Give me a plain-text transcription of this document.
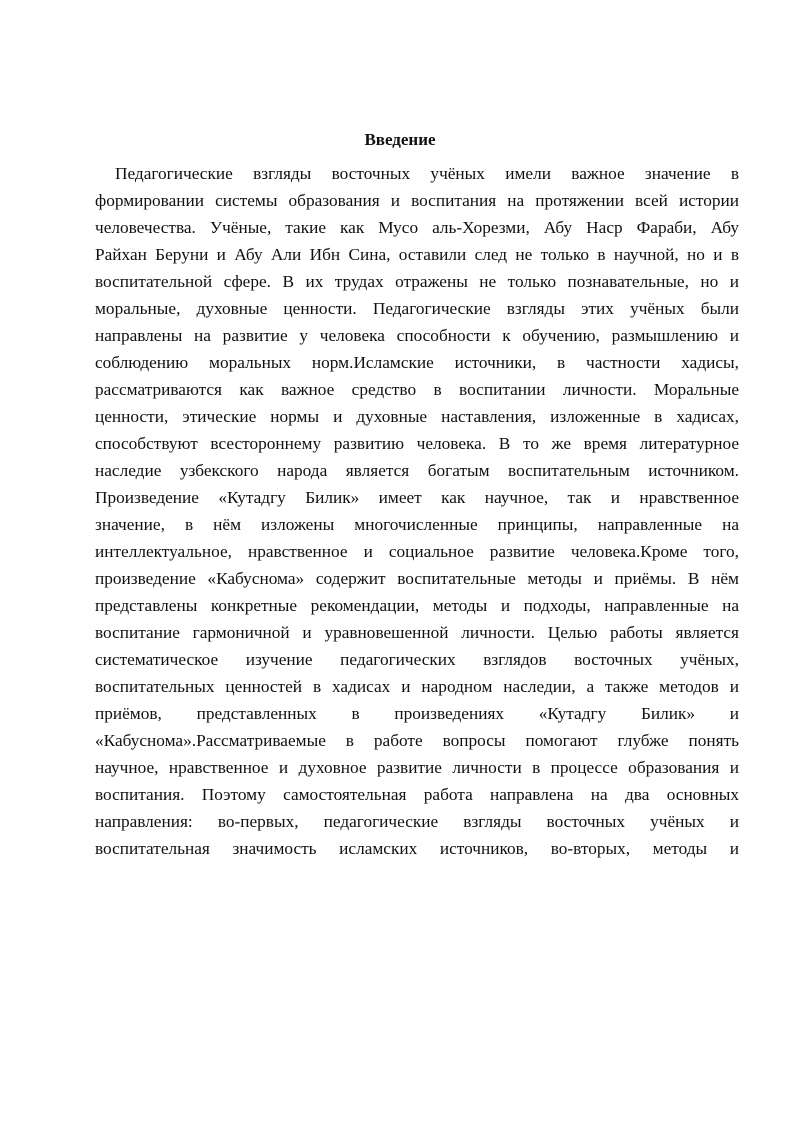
Введение
Педагогические взгляды восточных учёных имели важное значение в
формировании системы образования и воспитания на протяжении всей истории
человечества. Учёные, такие как Мусо аль-Хорезми, Абу Наср Фараби, Абу
Райхан Беруни и Абу Али Ибн Сина, оставили след не только в научной, но и в
воспитательной сфере. В их трудах отражены не только познавательные, но и
моральные, духовные ценности. Педагогические взгляды этих учёных были
направлены на развитие у человека способности к обучению, размышлению и
соблюдению моральных норм.Исламские источники, в частности хадисы,
рассматриваются как важное средство в воспитании личности. Моральные
ценности, этические нормы и духовные наставления, изложенные в хадисах,
способствуют всестороннему развитию человека. В то же время литературное
наследие узбекского народа является богатым воспитательным источником.
Произведение «Кутадгу Билик» имеет как научное, так и нравственное
значение, в нём изложены многочисленные принципы, направленные на
интеллектуальное, нравственное и социальное развитие человека.Кроме того,
произведение «Кабуснома» содержит воспитательные методы и приёмы. В нём
представлены конкретные рекомендации, методы и подходы, направленные на
воспитание гармоничной и уравновешенной личности. Целью работы является
систематическое изучение педагогических взглядов восточных учёных,
воспитательных ценностей в хадисах и народном наследии, а также методов и
приёмов, представленных в произведениях «Кутадгу Билик» и
«Кабуснома».Рассматриваемые в работе вопросы помогают глубже понять
научное, нравственное и духовное развитие личности в процессе образования и
воспитания. Поэтому самостоятельная работа направлена на два основных
направления: во-первых, педагогические взгляды восточных учёных и
воспитательная значимость исламских источников, во-вторых, методы и
